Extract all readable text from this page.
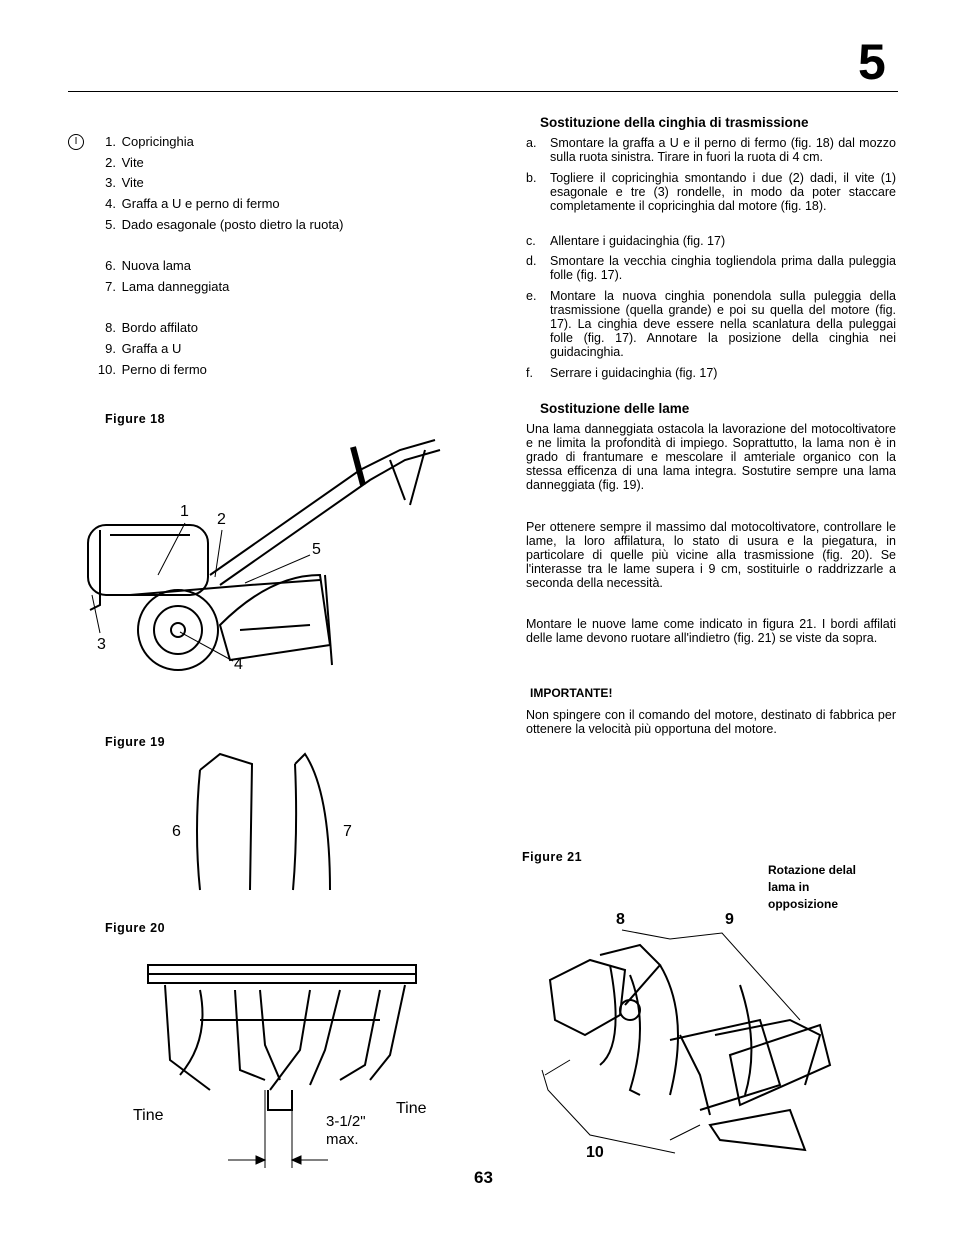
5
I	1. Copricinghia
2. Vite
3. Vite
4. Graffa a U e perno di fermo
5. Dado esagonale (posto dietro la ruota)
6. Nuova lama
7. Lama danneggiata
8. Bordo affilato
9. Graffa a U
10. Perno di fermo
Figure 18
1 2
3
4
5
Figure 19
6	7
Figure 20
Tine	Tine
3-1/2"
max.
Sostituzione della cinghia di trasmissione
a. Smontare la graffa a U e il perno di fermo (fig. 18) dal mozzo sulla ruota sinistra. Tirare in fuori la ruota di 4 cm.
b. Togliere il copricinghia smontando i due (2) dadi, il vite (1) esagonale e tre (3) rondelle, in modo da poter staccare completamente il copricinghia dal motore (fig. 18).
c. Allentare i guidacinghia (fig. 17)
d. Smontare la vecchia cinghia togliendola prima dalla puleggia folle (fig. 17).
e. Montare la nuova cinghia ponendola sulla puleggia della trasmissione (quella grande) e poi su quella del motore (fig. 17). La cinghia deve essere nella scanlatura della puleggai folle (fig. 17). Annotare la posizione della cinghia nei guidacinghia.
f. Serrare i guidacinghia (fig. 17)
Sostituzione delle lame
Una lama danneggiata ostacola la lavorazione del motocoltivatore e ne limita la profondità di impiego. Soprattutto, la lama non è in grado di frantumare e mescolare il amteriale organico con la stessa efficenza di una lama integra. Sostutire sempre una lama danneggiata (fig. 19).
Per ottenere sempre il massimo dal motocoltivatore, controllare le lame, la loro affilatura, lo stato di usura e la piegatura, in particolare di quelle più vicine alla trasmissione (fig. 20). Se l'interasse tra le lame supera i 9 cm, sostituirle o raddrizzarle a seconda della necessità.
Montare le nuove lame come indicato in figura 21. I bordi affilati delle lame devono ruotare all'indietro (fig. 21) se viste da sopra.
IMPORTANTE!
Non spingere con il comando del motore, destinato di fabbrica per ottenere la velocità più opportuna del motore.
Figure 21
Rotazione delal lama in opposizione
8	9
10
63
